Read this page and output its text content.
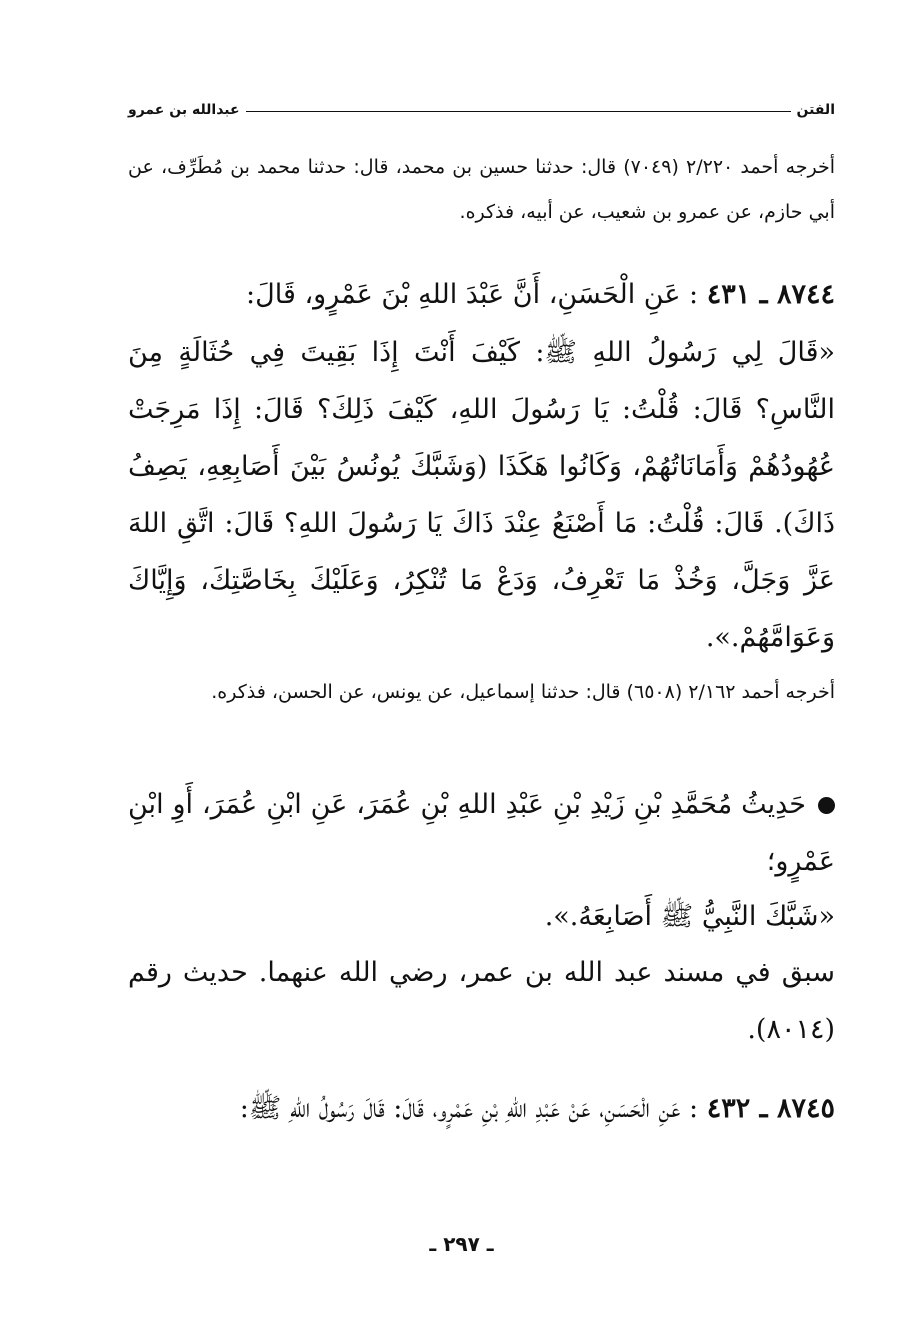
الفتن
عبدالله بن عمرو
أخرجه أحمد ٢/٢٢٠ (٧٠٤٩) قال: حدثنا حسين بن محمد، قال: حدثنا محمد بن مُطَرِّف، عن أبي حازم، عن عمرو بن شعيب، عن أبيه، فذكره.
٨٧٤٤ ـ ٤٣١ : عَنِ الْحَسَنِ، أَنَّ عَبْدَ اللهِ بْنَ عَمْرٍو، قَالَ:
«قَالَ لِي رَسُولُ اللهِ ﷺ: كَيْفَ أَنْتَ إِذَا بَقِيتَ فِي حُثَالَةٍ مِنَ النَّاسِ؟ قَالَ: قُلْتُ: يَا رَسُولَ اللهِ، كَيْفَ ذَلِكَ؟ قَالَ: إِذَا مَرِجَتْ عُهُودُهُمْ وَأَمَانَاتُهُمْ، وَكَانُوا هَكَذَا (وَشَبَّكَ يُونُسُ بَيْنَ أَصَابِعِهِ، يَصِفُ ذَاكَ). قَالَ: قُلْتُ: مَا أَصْنَعُ عِنْدَ ذَاكَ يَا رَسُولَ اللهِ؟ قَالَ: اتَّقِ اللهَ عَزَّ وَجَلَّ، وَخُذْ مَا تَعْرِفُ، وَدَعْ مَا تُنْكِرُ، وَعَلَيْكَ بِخَاصَّتِكَ، وَإِيَّاكَ وَعَوَامَّهُمْ.».
أخرجه أحمد ٢/١٦٢ (٦٥٠٨) قال: حدثنا إسماعيل، عن يونس، عن الحسن، فذكره.
حَدِيثُ مُحَمَّدِ بْنِ زَيْدِ بْنِ عَبْدِ اللهِ بْنِ عُمَرَ، عَنِ ابْنِ عُمَرَ، أَوِ ابْنِ عَمْرٍو؛
«شَبَّكَ النَّبِيُّ ﷺ أَصَابِعَهُ.».
سبق في مسند عبد الله بن عمر، رضي الله عنهما. حديث رقم (٨٠١٤).
٨٧٤٥ ـ ٤٣٢ : عَنِ الْحَسَنِ، عَنْ عَبْدِ اللهِ بْنِ عَمْرٍو، قَالَ: قَالَ رَسُولُ اللهِ ﷺ:
ـ ٢٩٧ ـ
